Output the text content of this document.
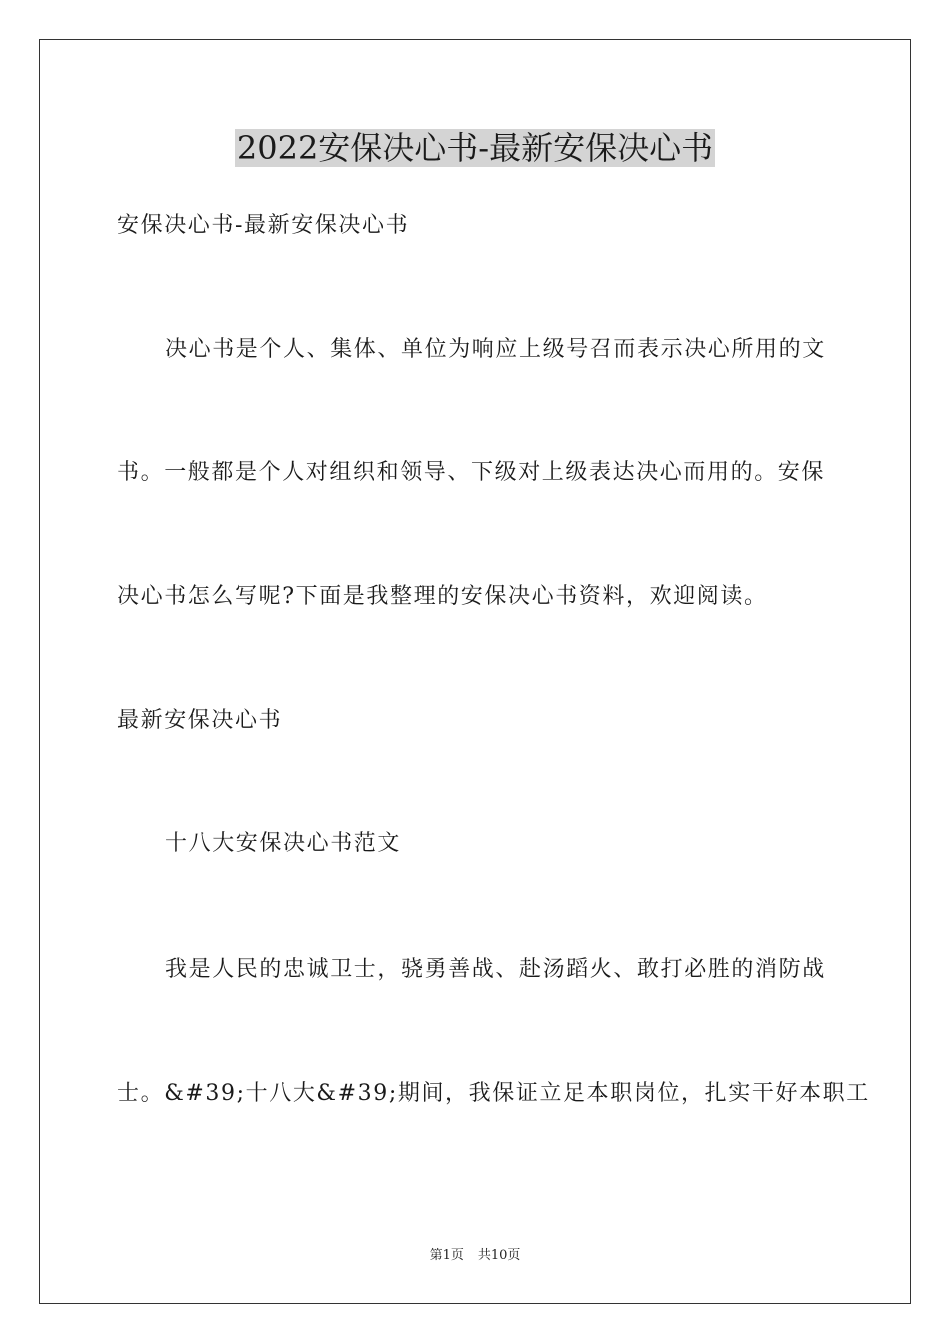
2022安保决心书-最新安保决心书

安保决心书-最新安保决心书

决心书是个人、集体、单位为响应上级号召而表示决心所用的文

书。一般都是个人对组织和领导、下级对上级表达决心而用的。安保

决心书怎么写呢?下面是我整理的安保决心书资料，欢迎阅读。

最新安保决心书

十八大安保决心书范文

我是人民的忠诚卫士，骁勇善战、赴汤蹈火、敢打必胜的消防战

士。&#39;十八大&#39;期间，我保证立足本职岗位，扎实干好本职工

第1页 共10页
